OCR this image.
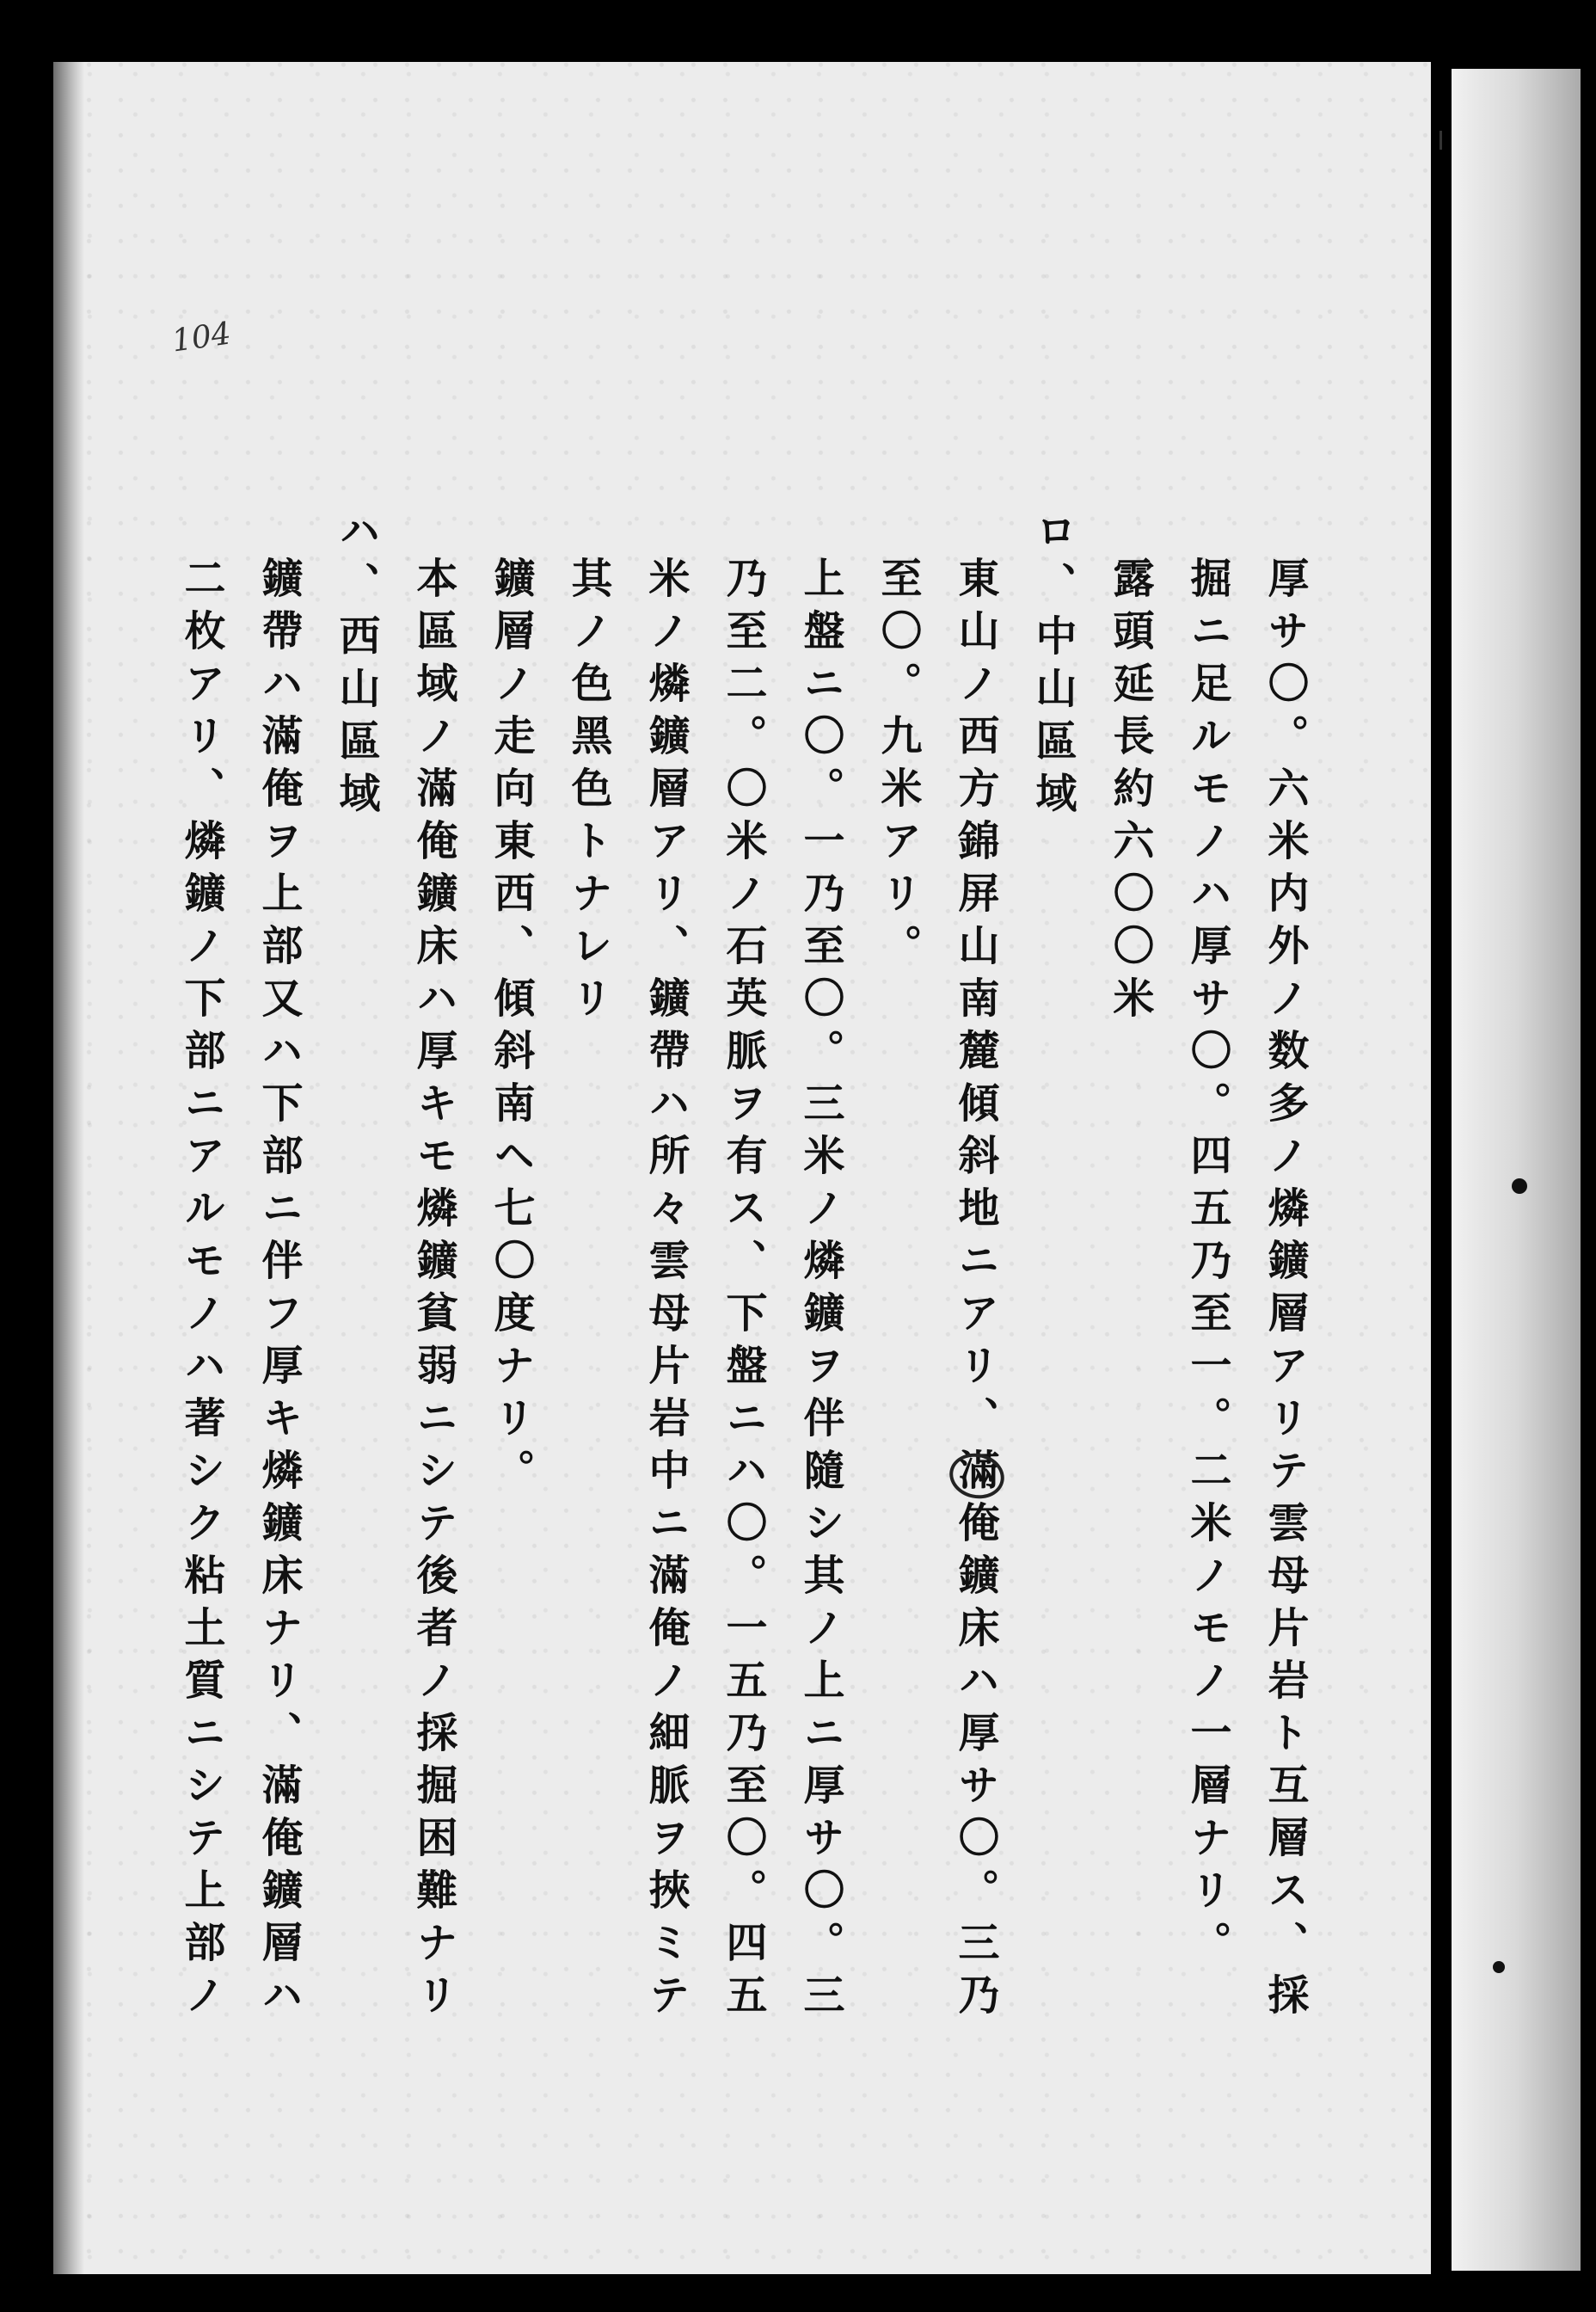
104
厚サ〇。六米内外ノ数多ノ燐鑛層アリテ雲母片岩ト互層ス、採
掘ニ足ルモノハ厚サ〇。四五乃至一。二米ノモノ一層ナリ。
露頭延長約六〇〇米
ロ、中山區域
東山ノ西方錦屏山南麓傾斜地ニアリ、滿俺鑛床ハ厚サ〇。三乃
至〇。九米アリ。
上盤ニ〇。一乃至〇。三米ノ燐鑛ヲ伴隨シ其ノ上ニ厚サ〇。三
乃至二。〇米ノ石英脈ヲ有ス、下盤ニハ〇。一五乃至〇。四五
米ノ燐鑛層アリ、鑛帶ハ所々雲母片岩中ニ滿俺ノ細脈ヲ挾ミテ
其ノ色黑色トナレリ
鑛層ノ走向東西、傾斜南ヘ七〇度ナリ。
本區域ノ滿俺鑛床ハ厚キモ燐鑛貧弱ニシテ後者ノ採掘困難ナリ
ハ、西山區域
鑛帶ハ滿俺ヲ上部又ハ下部ニ伴フ厚キ燐鑛床ナリ、滿俺鑛層ハ
二枚アリ、燐鑛ノ下部ニアルモノハ著シク粘土質ニシテ上部ノ
